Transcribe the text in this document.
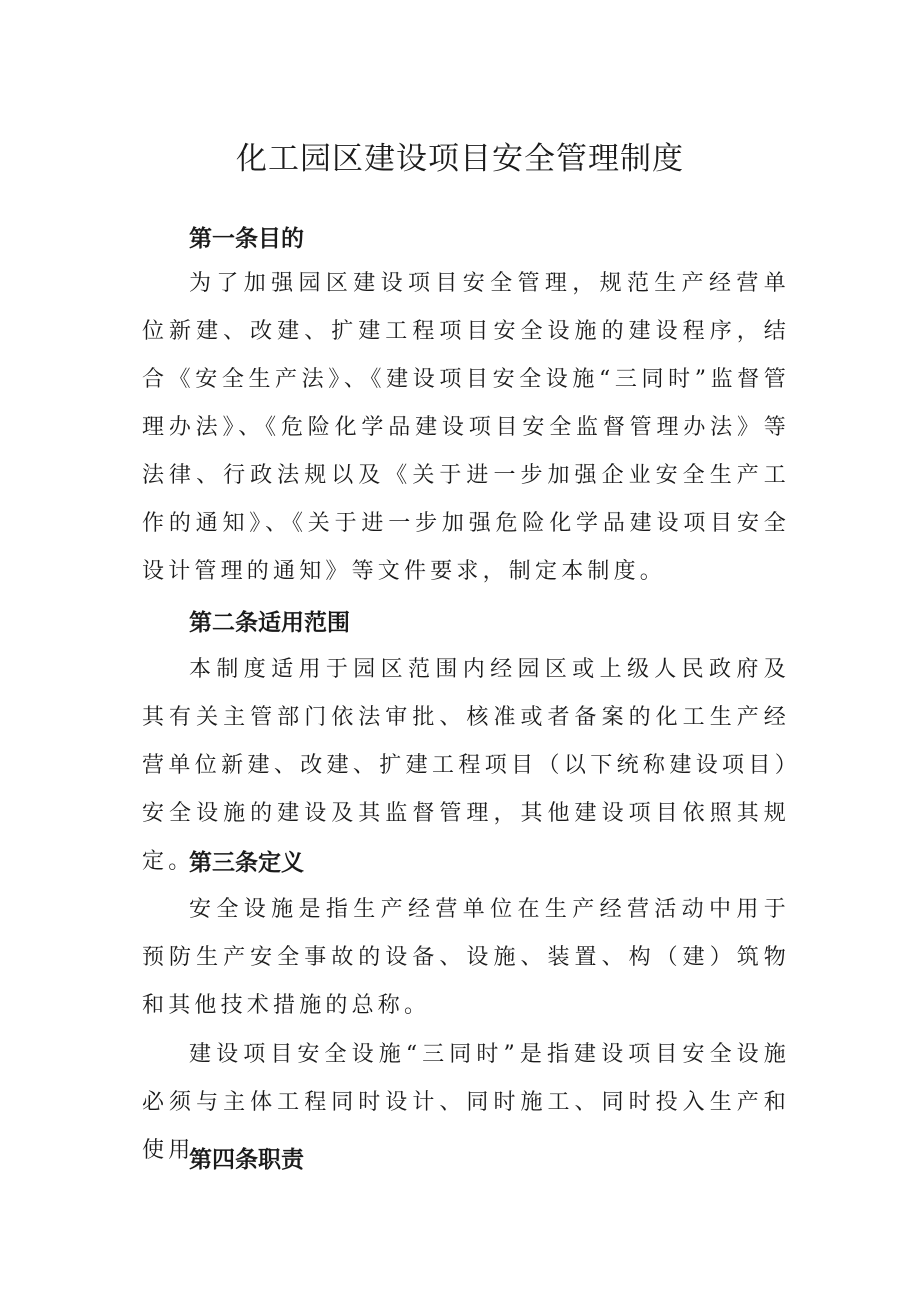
化工园区建设项目安全管理制度
第一条目的

为了加强园区建设项目安全管理，规范生产经营单位新建、改建、扩建工程项目安全设施的建设程序，结合《安全生产法》、《建设项目安全设施“三同时”监督管理办法》、《危险化学品建设项目安全监督管理办法》等法律、行政法规以及《关于进一步加强企业安全生产工作的通知》、《关于进一步加强危险化学品建设项目安全设计管理的通知》等文件要求，制定本制度。

第二条适用范围

本制度适用于园区范围内经园区或上级人民政府及其有关主管部门依法审批、核准或者备案的化工生产经营单位新建、改建、扩建工程项目（以下统称建设项目）安全设施的建设及其监督管理，其他建设项目依照其规定。

第三条定义

安全设施是指生产经营单位在生产经营活动中用于预防生产安全事故的设备、设施、装置、构（建）筑物和其他技术措施的总称。

建设项目安全设施“三同时”是指建设项目安全设施必须与主体工程同时设计、同时施工、同时投入生产和使用。

第四条职责
